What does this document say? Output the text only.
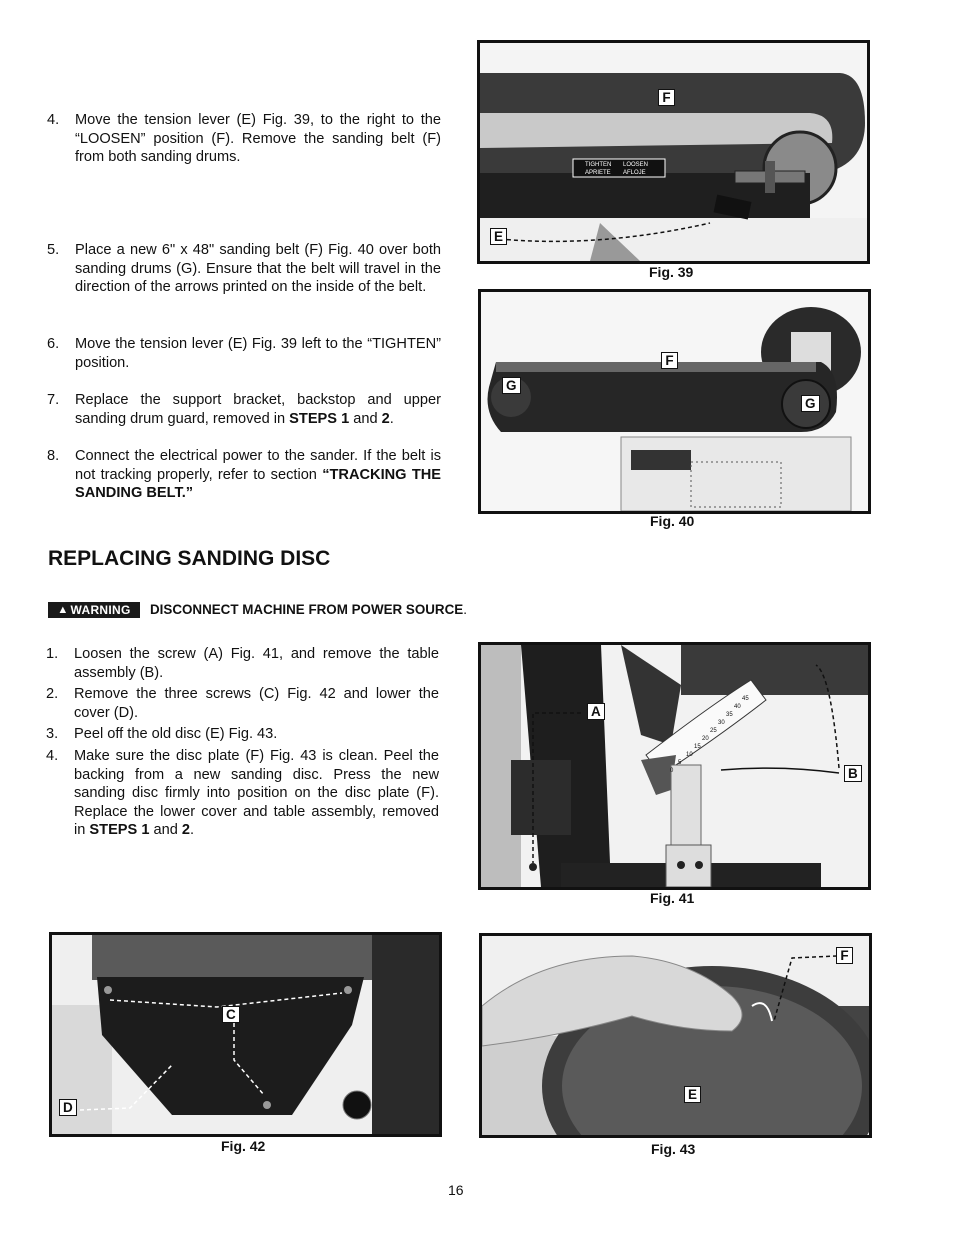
4. Move the tension lever (E) Fig. 39, to the right to the “LOOSEN” position (F). Remove the sanding belt (F) from both sanding drums.
5. Place a new 6" x 48" sanding belt (F) Fig. 40 over both sanding drums (G). Ensure that the belt will travel in the direction of the arrows printed on the inside of the belt.
6. Move the tension lever (E) Fig. 39 left to the “TIGHTEN” position.
7. Replace the support bracket, backstop and upper sanding drum guard, removed in STEPS 1 and 2.
8. Connect the electrical power to the sander. If the belt is not tracking properly, refer to section “TRACKING THE SANDING BELT.”
TIGHTEN
APRIETE
LOOSEN
AFLOJE
F
E
Fig. 39
F
G
G
Fig. 40
REPLACING SANDING DISC
▲ WARNING DISCONNECT MACHINE FROM POWER SOURCE.
1. Loosen the screw (A) Fig. 41, and remove the table assembly (B).
2. Remove the three screws (C) Fig. 42 and lower the cover (D).
3. Peel off the old disc (E) Fig. 43.
4. Make sure the disc plate (F) Fig. 43 is clean. Peel the backing from a new sanding disc. Press the new sanding disc firmly into position on the disc plate (F). Replace the lower cover and table assembly, removed in STEPS 1 and 2.
0
5
10
15
20
25
30
35
40
45
A
B
Fig. 41
C
D
Fig. 42
F
E
Fig. 43
16
